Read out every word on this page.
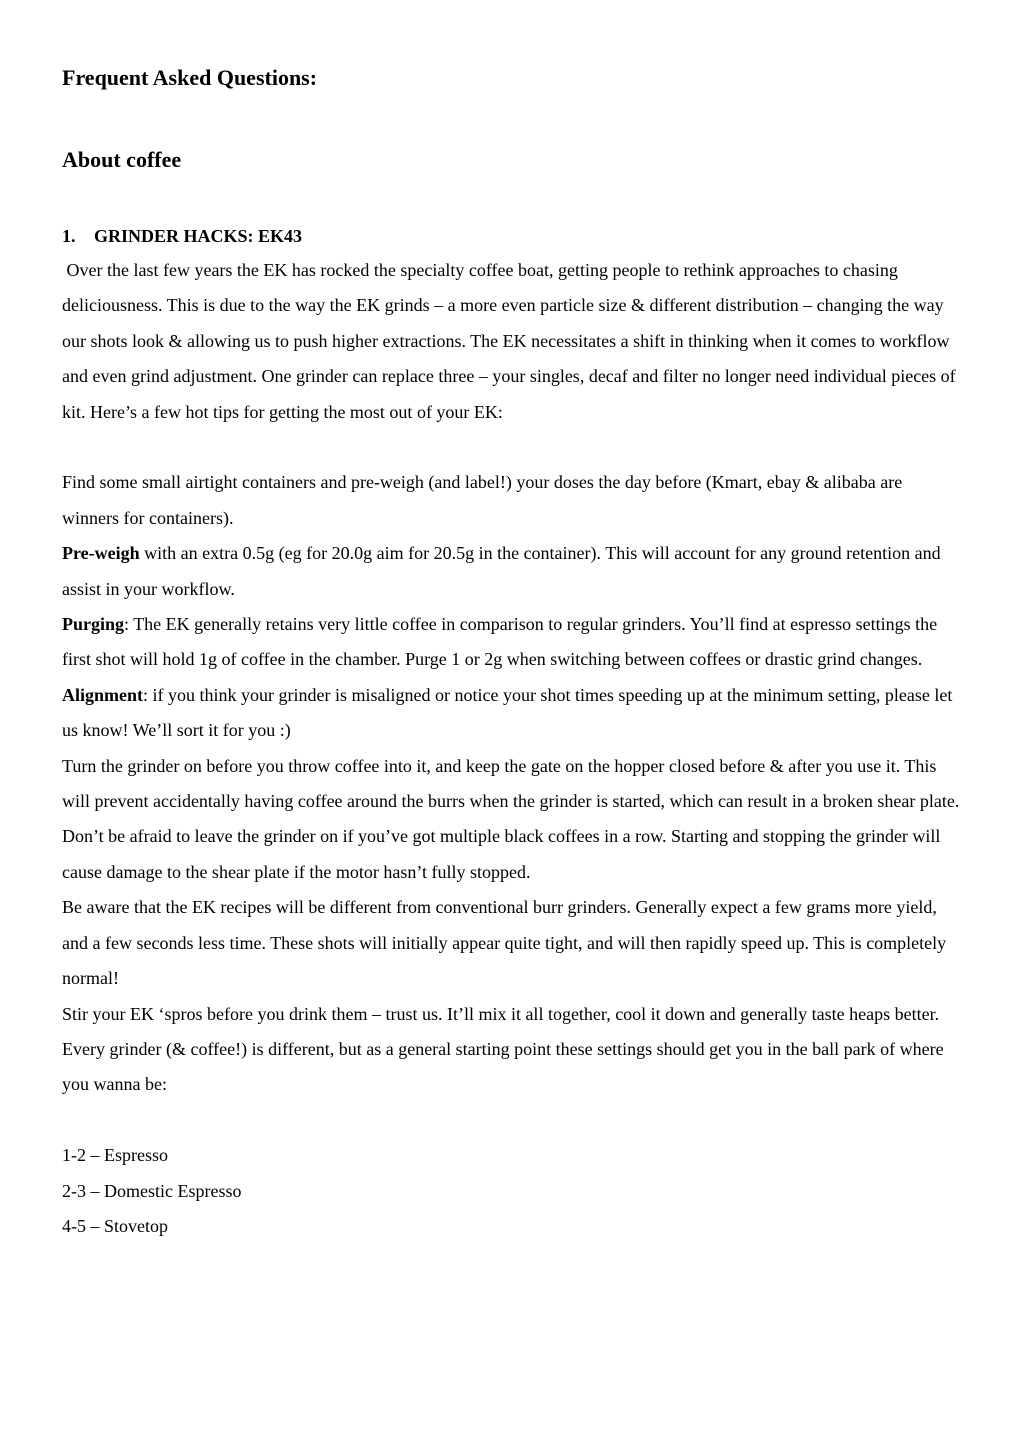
Frequent Asked Questions:
About coffee
1. GRINDER HACKS: EK43

Over the last few years the EK has rocked the specialty coffee boat, getting people to rethink approaches to chasing deliciousness. This is due to the way the EK grinds – a more even particle size & different distribution – changing the way our shots look & allowing us to push higher extractions. The EK necessitates a shift in thinking when it comes to workflow and even grind adjustment. One grinder can replace three – your singles, decaf and filter no longer need individual pieces of kit. Here’s a few hot tips for getting the most out of your EK:

Find some small airtight containers and pre-weigh (and label!) your doses the day before (Kmart, ebay & alibaba are winners for containers).

Pre-weigh with an extra 0.5g (eg for 20.0g aim for 20.5g in the container). This will account for any ground retention and assist in your workflow.

Purging: The EK generally retains very little coffee in comparison to regular grinders. You’ll find at espresso settings the first shot will hold 1g of coffee in the chamber. Purge 1 or 2g when switching between coffees or drastic grind changes.

Alignment: if you think your grinder is misaligned or notice your shot times speeding up at the minimum setting, please let us know! We’ll sort it for you :)

Turn the grinder on before you throw coffee into it, and keep the gate on the hopper closed before & after you use it. This will prevent accidentally having coffee around the burrs when the grinder is started, which can result in a broken shear plate.

Don’t be afraid to leave the grinder on if you’ve got multiple black coffees in a row. Starting and stopping the grinder will cause damage to the shear plate if the motor hasn’t fully stopped.

Be aware that the EK recipes will be different from conventional burr grinders. Generally expect a few grams more yield, and a few seconds less time. These shots will initially appear quite tight, and will then rapidly speed up. This is completely normal!

Stir your EK ‘spros before you drink them – trust us. It’ll mix it all together, cool it down and generally taste heaps better.

Every grinder (& coffee!) is different, but as a general starting point these settings should get you in the ball park of where you wanna be:

1-2 – Espresso

2-3 – Domestic Espresso

4-5 – Stovetop
